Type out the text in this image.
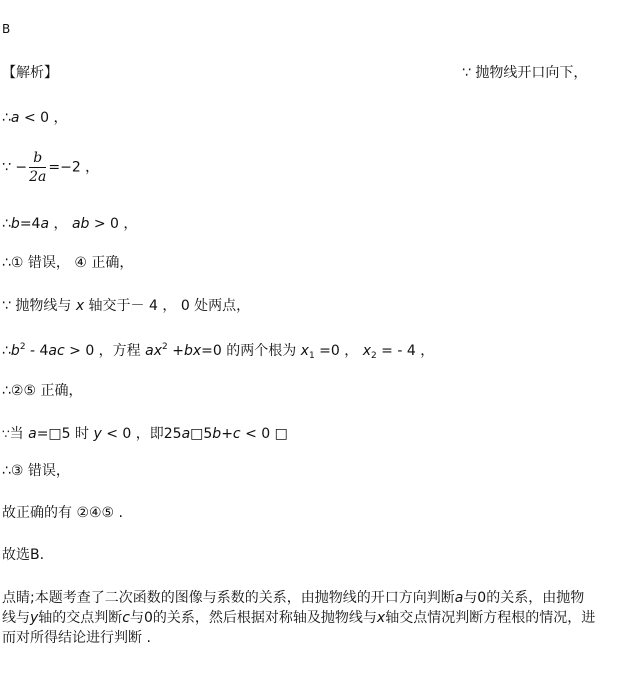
B
【解析】	∵ 抛物线开口向下，
∴a < 0 ，
∵ − $\frac{b}{2a} =-2$ ，
∴b=4a ， ab > 0 ，
∴① 错误， ④ 正确，
∵ 抛物线与 x 轴交于－ 4 ， 0 处两点，
$\therefore b^2 - 4ac > 0$ ，方程 $ax^2 +bx=0$ 的两个根为 $x_1 =0$ ， $x_2$ = - 4 ，
∴②⑤ 正确，
∵当 a=□5 时 y < 0 ，即25a□5b+c < 0 □
∴③ 错误，
故正确的有 ②④⑤ .
故选B.
点睛;本题考查了二次函数的图像与系数的关系，由抛物线的开口方向判断a与0的关系，由抛物
线与y轴的交点判断c与0的关系，然后根据对称轴及抛物线与x轴交点情况判断方程根的情况，进
而对所得结论进行判断 .
